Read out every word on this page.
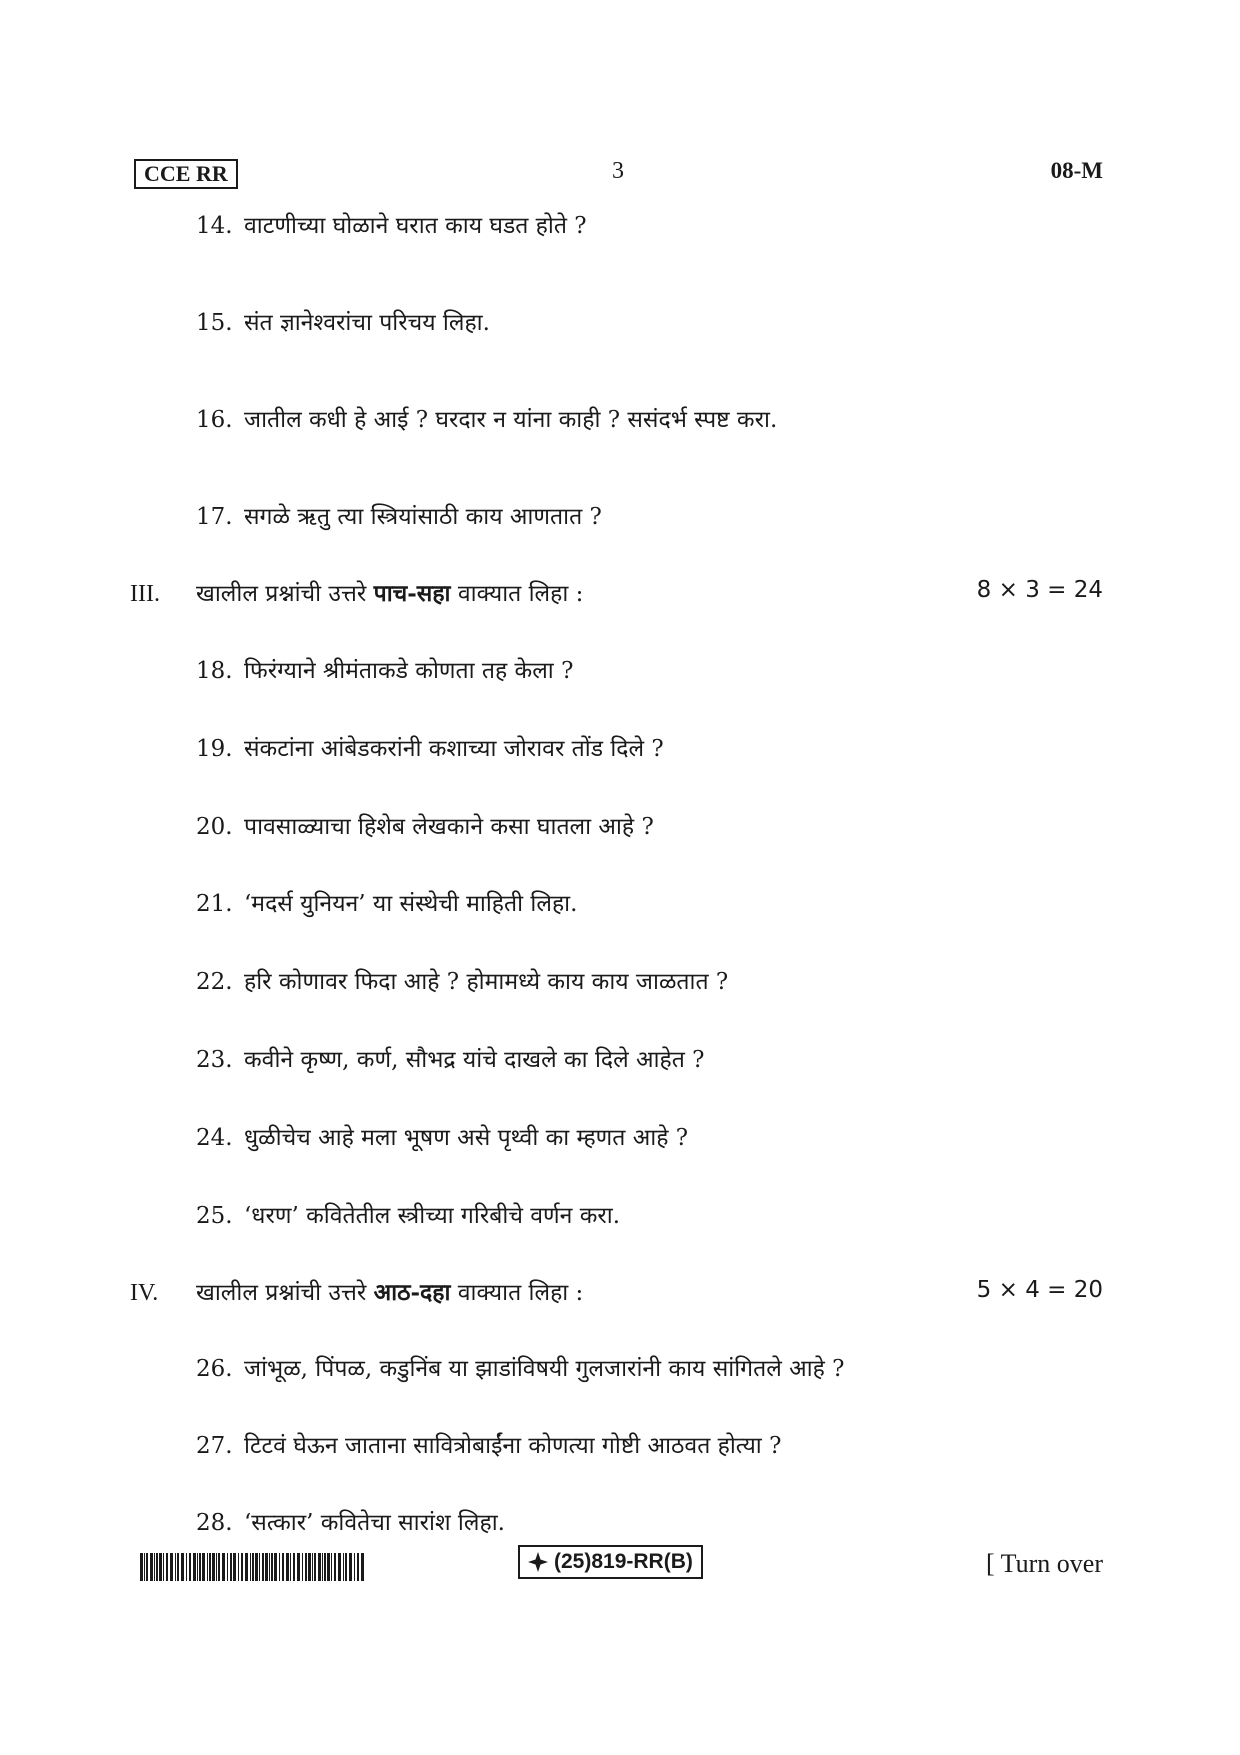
CCE RR	3	08-M
14. वाटणीच्या घोळाने घरात काय घडत होते ?
15. संत ज्ञानेश्वरांचा परिचय लिहा.
16. जातील कधी हे आई ? घरदार न यांना काही ? ससंदर्भ स्पष्ट करा.
17. सगळे ऋतु त्या स्त्रियांसाठी काय आणतात ?
III. खालील प्रश्नांची उत्तरे पाच-सहा वाक्यात लिहा :	8 × 3 = 24
18. फिरंग्याने श्रीमंताकडे कोणता तह केला ?
19. संकटांना आंबेडकरांनी कशाच्या जोरावर तोंड दिले ?
20. पावसाळ्याचा हिशेब लेखकाने कसा घातला आहे ?
21. ‘मदर्स युनियन’ या संस्थेची माहिती लिहा.
22. हरि कोणावर फिदा आहे ? होमामध्ये काय काय जाळतात ?
23. कवीने कृष्ण, कर्ण, सौभद्र यांचे दाखले का दिले आहेत ?
24. धुळीचेच आहे मला भूषण असे पृथ्वी का म्हणत आहे ?
25. ‘धरण’ कवितेतील स्त्रीच्या गरिबीचे वर्णन करा.
IV. खालील प्रश्नांची उत्तरे आठ-दहा वाक्यात लिहा :	5 × 4 = 20
26. जांभूळ, पिंपळ, कडुनिंब या झाडांविषयी गुलजारांनी काय सांगितले आहे ?
27. टिटवं घेऊन जाताना सावित्रोबाईंना कोणत्या गोष्टी आठवत होत्या ?
28. ‘सत्कार’ कवितेचा सारांश लिहा.
(25)819-RR(B)	[ Turn over
